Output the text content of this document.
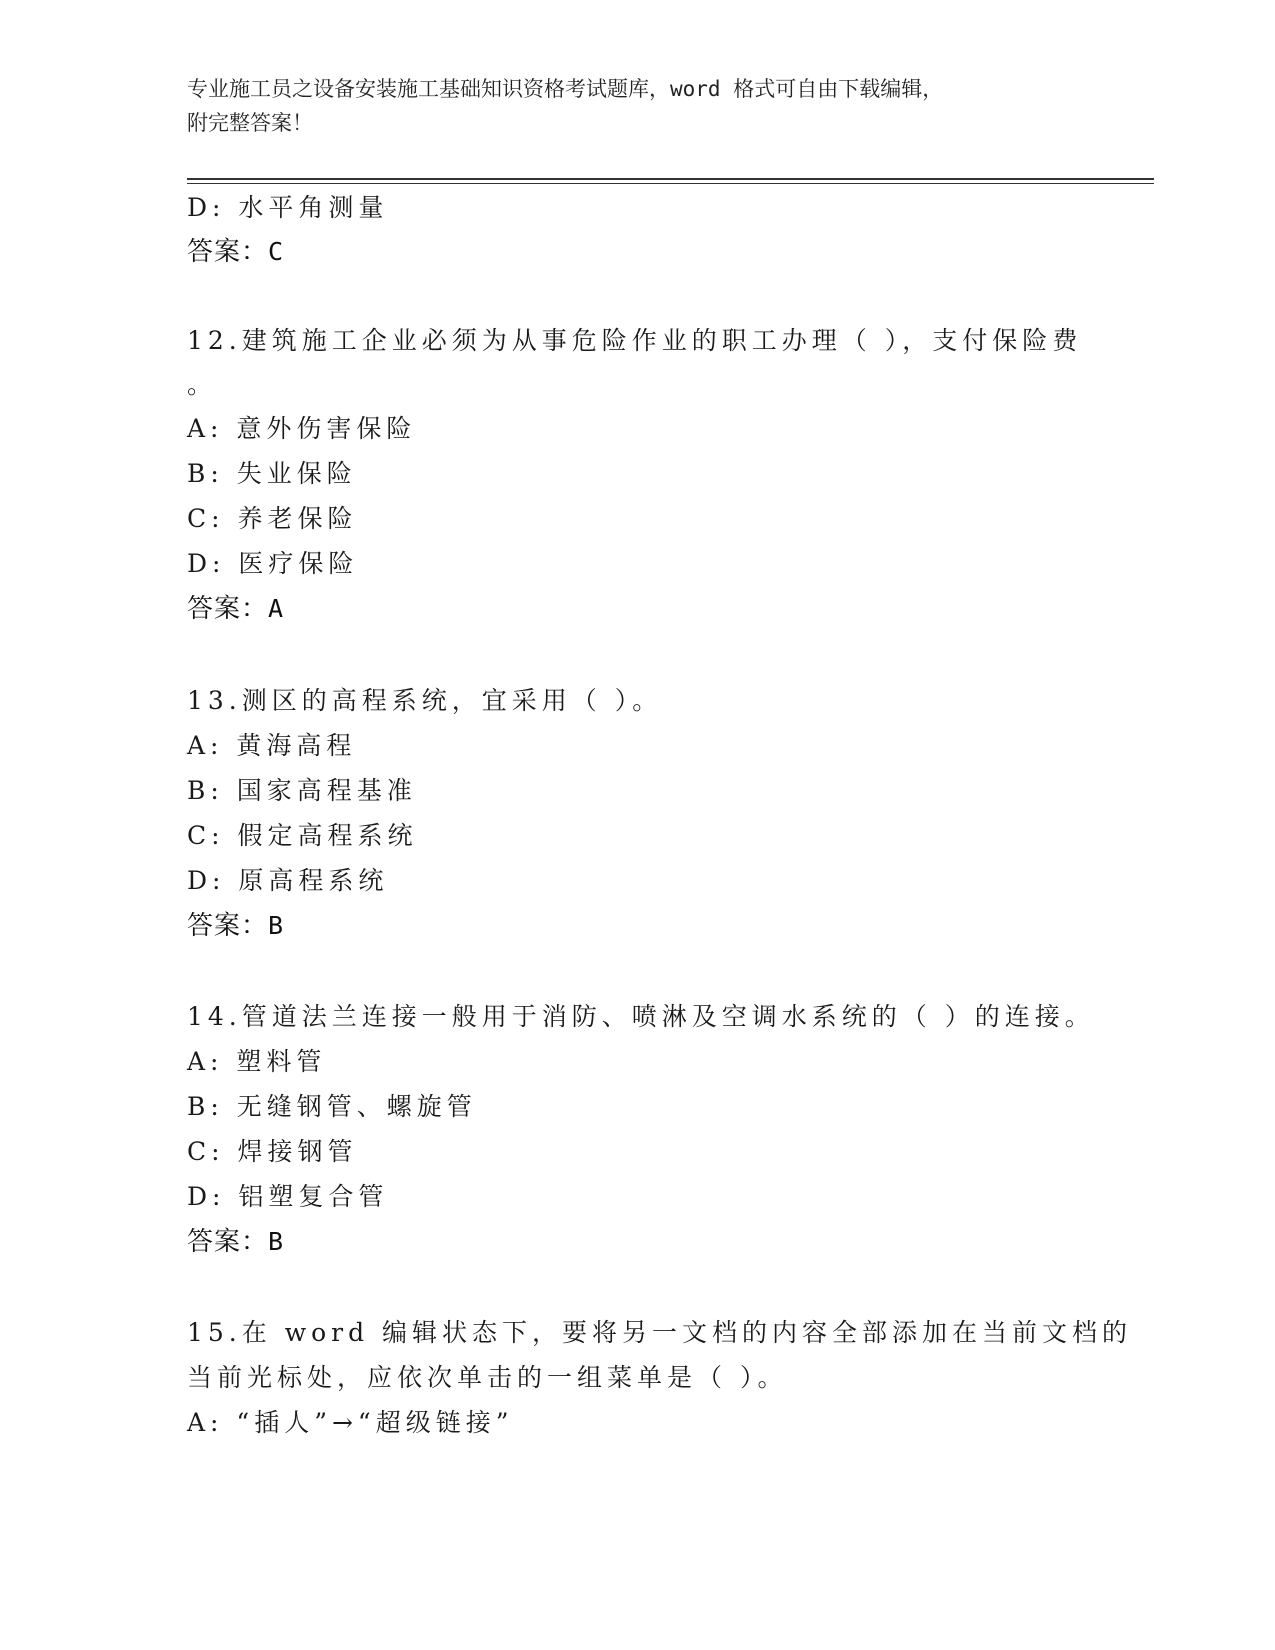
专业施工员之设备安装施工基础知识资格考试题库，word 格式可自由下载编辑，
附完整答案！
D: 水平角测量
答案：C
12.建筑施工企业必须为从事危险作业的职工办理（ ），支付保险费
。
A: 意外伤害保险
B: 失业保险
C: 养老保险
D: 医疗保险
答案：A
13.测区的高程系统，宜采用（ ）。
A: 黄海高程
B: 国家高程基准
C: 假定高程系统
D: 原高程系统
答案：B
14.管道法兰连接一般用于消防、喷淋及空调水系统的（ ）的连接。
A: 塑料管
B: 无缝钢管、螺旋管
C: 焊接钢管
D: 铝塑复合管
答案：B
15.在 word 编辑状态下，要将另一文档的内容全部添加在当前文档的
当前光标处，应依次单击的一组菜单是（ ）。
A: “插人”→“超级链接”
